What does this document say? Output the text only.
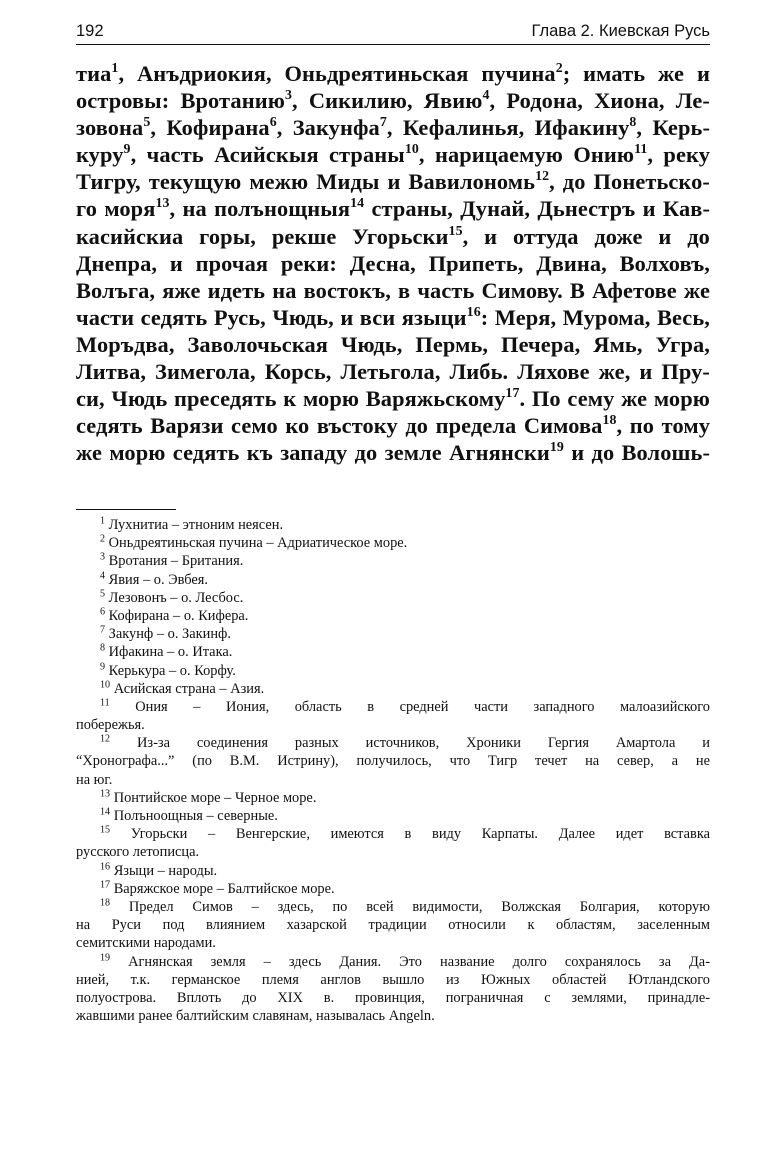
192	Глава 2. Киевская Русь
тиа$^1$, Анъдриокия, Оньдреятиньская пучина$^2$; имать же и
островы: Вротанию$^3$, Сикилию, Явию$^4$, Родона, Хиона, Ле-
зовона$^5$, Кофирана$^6$, Закунфа$^7$, Кефалинья, Ифакину$^8$, Керь-
куру$^9$, часть Асийскыя страны$^{10}$, нарицаемую Онию$^{11}$, реку
Тигру, текущую межю Миды и Вавилономь$^{12}$, до Понетьско-
го моря$^{13}$, на полънощныя$^{14}$ страны, Дунай, Дьнестръ и Кав-
касийскиа горы, рекше Угорьски$^{15}$, и оттуда доже и до
Днепра, и прочая реки: Десна, Припеть, Двина, Волховъ,
Волъга, яже идеть на востокъ, в часть Симову. В Афетове же
части седять Русь, Чюдь, и вси языци$^{16}$: Меря, Мурома, Весь,
Моръдва, Заволочьская Чюдь, Пермь, Печера, Ямь, Угра,
Литва, Зимегола, Корсь, Летьгола, Либь. Ляхове же, и Пру-
си, Чюдь преседять к морю Варяжьскому$^{17}$. По сему же морю
седять Варязи семо ко въстоку до предела Симова$^{18}$, по тому
же морю седять къ западу до земле Агнянски$^{19}$ и до Волошь-
$^1$ Лухнитиа – этноним неясен.
$^2$ Оньдреятиньская пучина – Адриатическое море.
$^3$ Вротания – Британия.
$^4$ Явия – о. Эвбея.
$^5$ Лезовонъ – о. Лесбос.
$^6$ Кофирана – о. Кифера.
$^7$ Закунф – о. Закинф.
$^8$ Ифакина – о. Итака.
$^9$ Керькура – о. Корфу.
$^{10}$ Асийская страна – Азия.
$^{11}$ Ония – Иония, область в средней части западного малоазийского
побережья.
$^{12}$ Из-за соединения разных источников, Хроники Гергия Амартола и
“Хронографа...” (по В.М. Истрину), получилось, что Тигр течет на север, а не
на юг.
$^{13}$ Понтийское море – Черное море.
$^{14}$ Полъноoщныя – северные.
$^{15}$ Угорьски – Венгерские, имеются в виду Карпаты. Далее идет вставка
русского летописца.
$^{16}$ Языци – народы.
$^{17}$ Варяжское море – Балтийское море.
$^{18}$ Предел Симов – здесь, по всей видимости, Волжская Болгария, которую
на Руси под влиянием хазарской традиции относили к областям, заселенным
семитскими народами.
$^{19}$ Агнянская земля – здесь Дания. Это название долго сохранялось за Да-
нией, т.к. германское племя англов вышло из Южных областей Ютландского
полуострова. Вплоть до XIX в. провинция, пограничная с землями, принадле-
жавшими ранее балтийским славянам, называлась Angeln.
